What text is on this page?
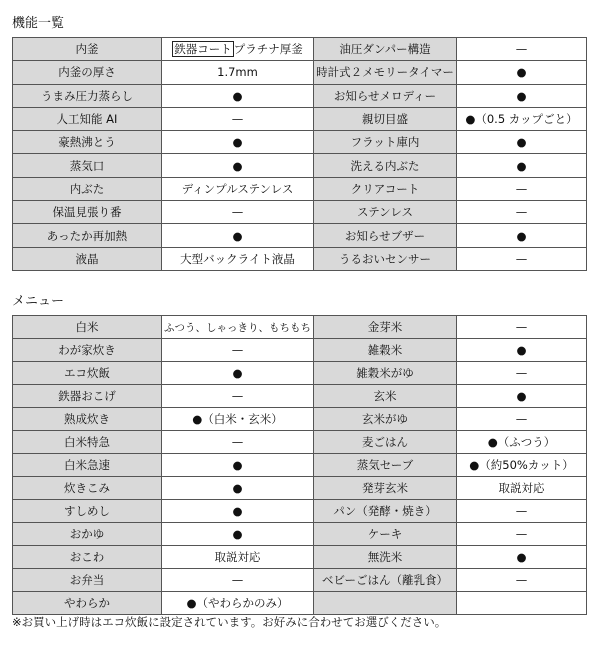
機能一覧
内釜	鉄器コート プラチナ厚釜	油圧ダンパー構造	—
内釜の厚さ	1.7mm	時計式２メモリータイマー	●
うまみ圧力蒸らし	●	お知らせメロディー	●
人工知能 AI	—	親切目盛	●（0.5 カップごと）
豪熱沸とう	●	フラット庫内	●
蒸気口	●	洗える内ぶた	●
内ぶた	ディンプルステンレス	クリアコート	—
保温見張り番	—	ステンレス	—
あったか再加熱	●	お知らせブザー	●
液晶	大型バックライト液晶	うるおいセンサー	—
メニュー
白米	ふつう、しゃっきり、もちもち	金芽米	—
わが家炊き	—	雑穀米	●
エコ炊飯	●	雑穀米がゆ	—
鉄器おこげ	—	玄米	●
熟成炊き	●（白米・玄米）	玄米がゆ	—
白米特急	—	麦ごはん	●（ふつう）
白米急速	●	蒸気セーブ	●（約50%カット）
炊きこみ	●	発芽玄米	取説対応
すしめし	●	パン（発酵・焼き）	—
おかゆ	●	ケーキ	—
おこわ	取説対応	無洗米	●
お弁当	—	ベビーごはん（離乳食）	—
やわらか	●（やわらかのみ）		
※お買い上げ時はエコ炊飯に設定されています。お好みに合わせてお選びください。
